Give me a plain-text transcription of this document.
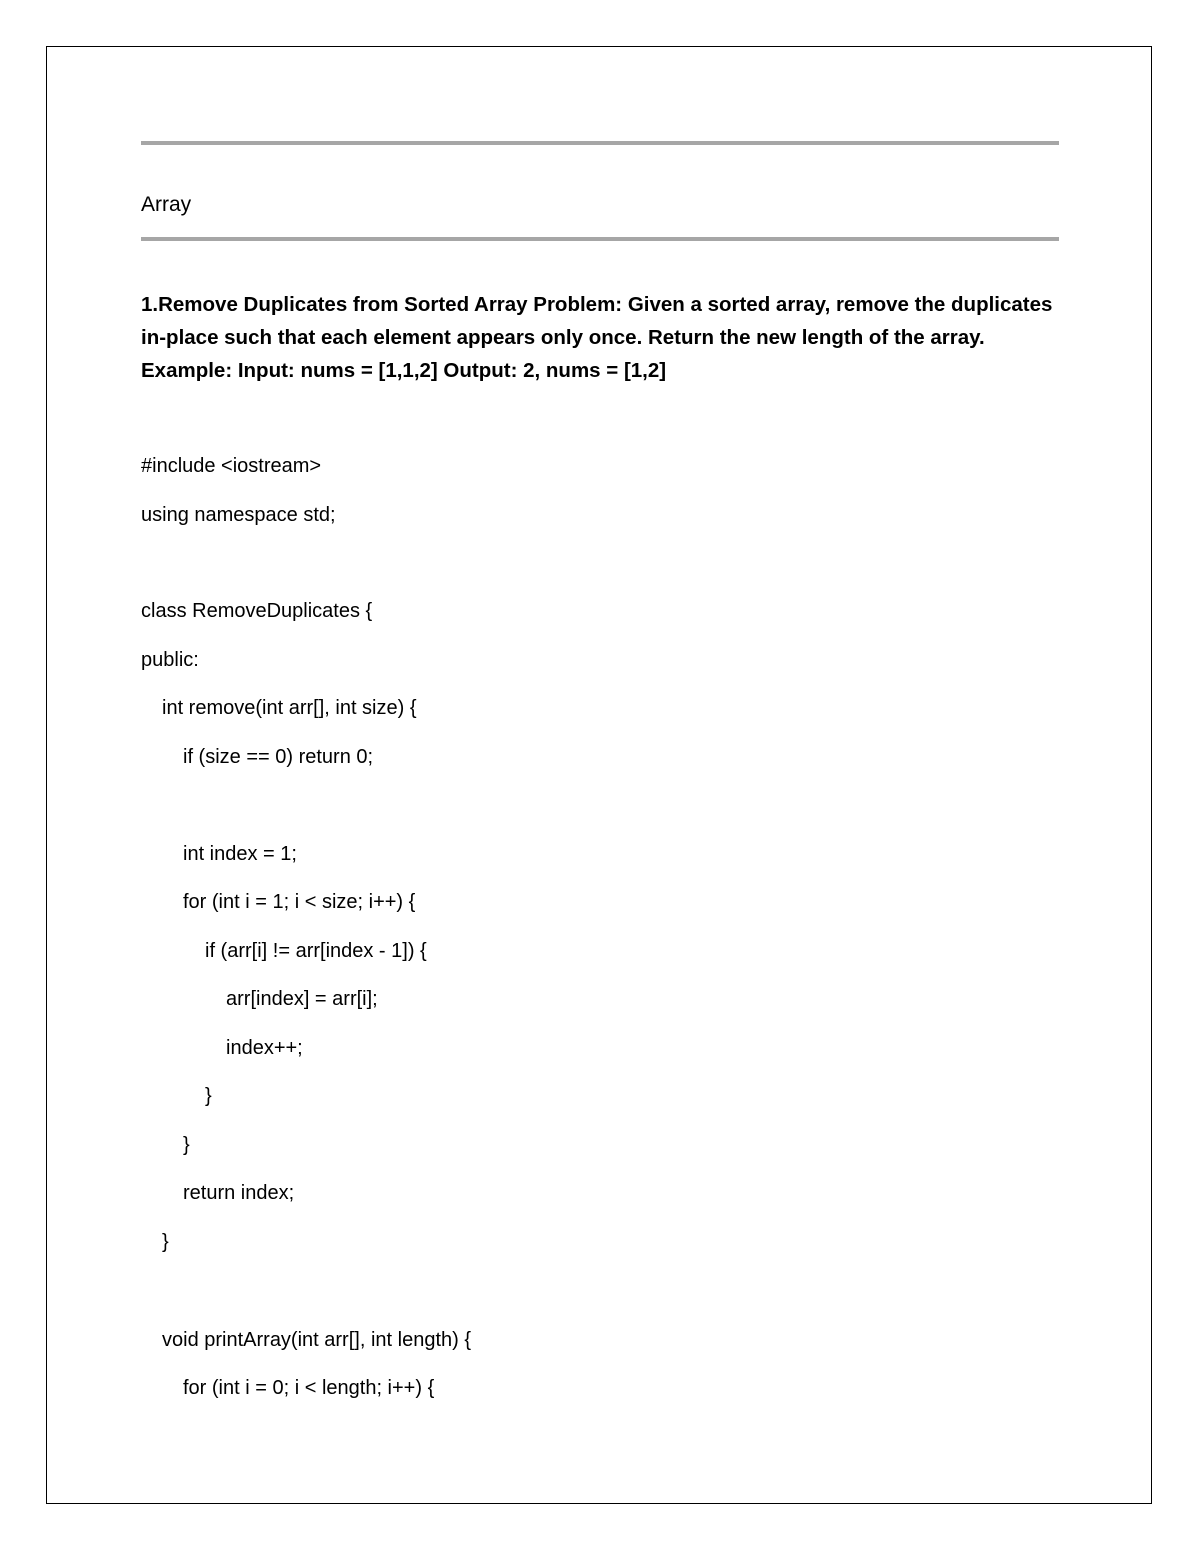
Array

1.Remove Duplicates from Sorted Array Problem: Given a sorted array, remove the duplicates

in-place such that each element appears only once. Return the new length of the array.

Example: Input: nums = [1,1,2] Output: 2, nums = [1,2]

#include <iostream>
using namespace std;
class RemoveDuplicates {
public:
int remove(int arr[], int size) {
if (size == 0) return 0;
int index = 1;
for (int i = 1; i < size; i++) {
if (arr[i] != arr[index - 1]) {
arr[index] = arr[i];
index++;
}
}
return index;
}
void printArray(int arr[], int length) {
for (int i = 0; i < length; i++) {
